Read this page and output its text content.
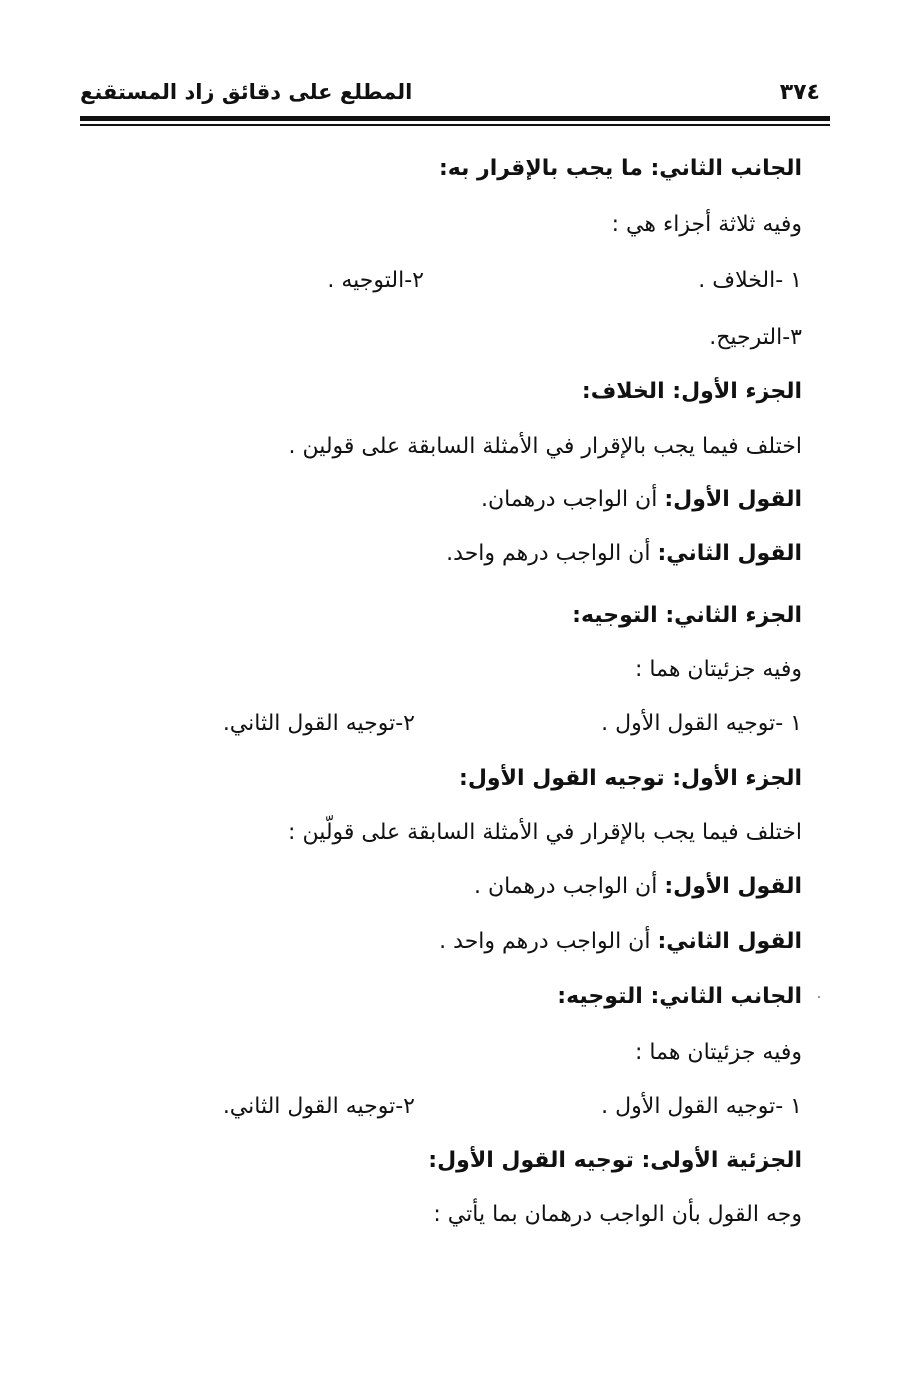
٣٧٤
المطلع على دقائق زاد المستقنع
الجانب الثاني: ما يجب بالإقرار به:
وفيه ثلاثة أجزاء هي :
١ -الخلاف .
٢-التوجيه .
٣-الترجيح.
الجزء الأول: الخلاف:
اختلف فيما يجب بالإقرار في الأمثلة السابقة على قولين .
القول الأول: أن الواجب درهمان.
القول الثاني: أن الواجب درهم واحد.
الجزء الثاني: التوجيه:
وفيه جزئيتان هما :
١ -توجيه القول الأول .
٢-توجيه القول الثاني.
الجزء الأول: توجيه القول الأول:
اختلف فيما يجب بالإقرار في الأمثلة السابقة على قولّين :
القول الأول: أن الواجب درهمان .
القول الثاني: أن الواجب درهم واحد .
الجانب الثاني: التوجيه:
وفيه جزئيتان هما :
١ -توجيه القول الأول .
٢-توجيه القول الثاني.
الجزئية الأولى: توجيه القول الأول:
وجه القول بأن الواجب درهمان بما يأتي :
